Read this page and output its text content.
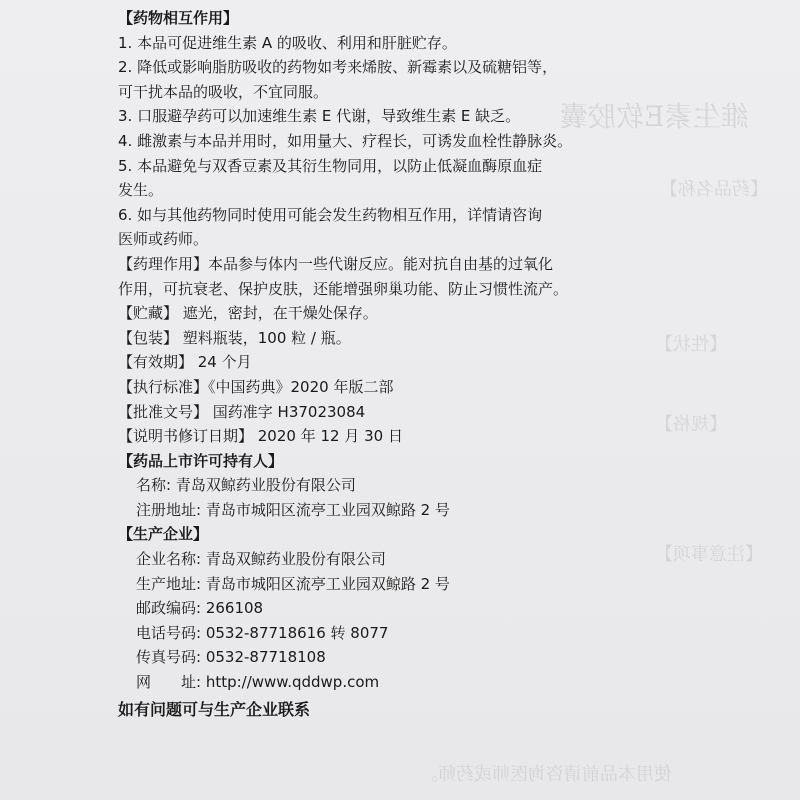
維生素E软胶囊
【药品名称】
【性状】
【规格】
【注意事项】
使用本品前请咨询医师或药师。
【药物相互作用】
1. 本品可促进维生素 A 的吸收、利用和肝脏贮存。
2. 降低或影响脂肪吸收的药物如考来烯胺、新霉素以及硫糖铝等，
可干扰本品的吸收，不宜同服。
3. 口服避孕药可以加速维生素 E 代谢，导致维生素 E 缺乏。
4. 雌激素与本品并用时，如用量大、疗程长，可诱发血栓性静脉炎。
5. 本品避免与双香豆素及其衍生物同用，以防止低凝血酶原血症
发生。
6. 如与其他药物同时使用可能会发生药物相互作用，详情请咨询
医师或药师。
【药理作用】本品参与体内一些代谢反应。能对抗自由基的过氧化
作用，可抗衰老、保护皮肤，还能增强卵巢功能、防止习惯性流产。
【贮藏】 遮光，密封，在干燥处保存。
【包装】 塑料瓶装，100 粒 / 瓶。
【有效期】 24 个月
【执行标准】《中国药典》2020 年版二部
【批准文号】 国药准字 H37023084
【说明书修订日期】 2020 年 12 月 30 日
【药品上市许可持有人】
名称: 青岛双鲸药业股份有限公司
注册地址: 青岛市城阳区流亭工业园双鲸路 2 号
【生产企业】
企业名称: 青岛双鲸药业股份有限公司
生产地址: 青岛市城阳区流亭工业园双鲸路 2 号
邮政编码: 266108
电话号码: 0532-87718616 转 8077
传真号码: 0532-87718108
网　　址: http://www.qddwp.com
如有问题可与生产企业联系
